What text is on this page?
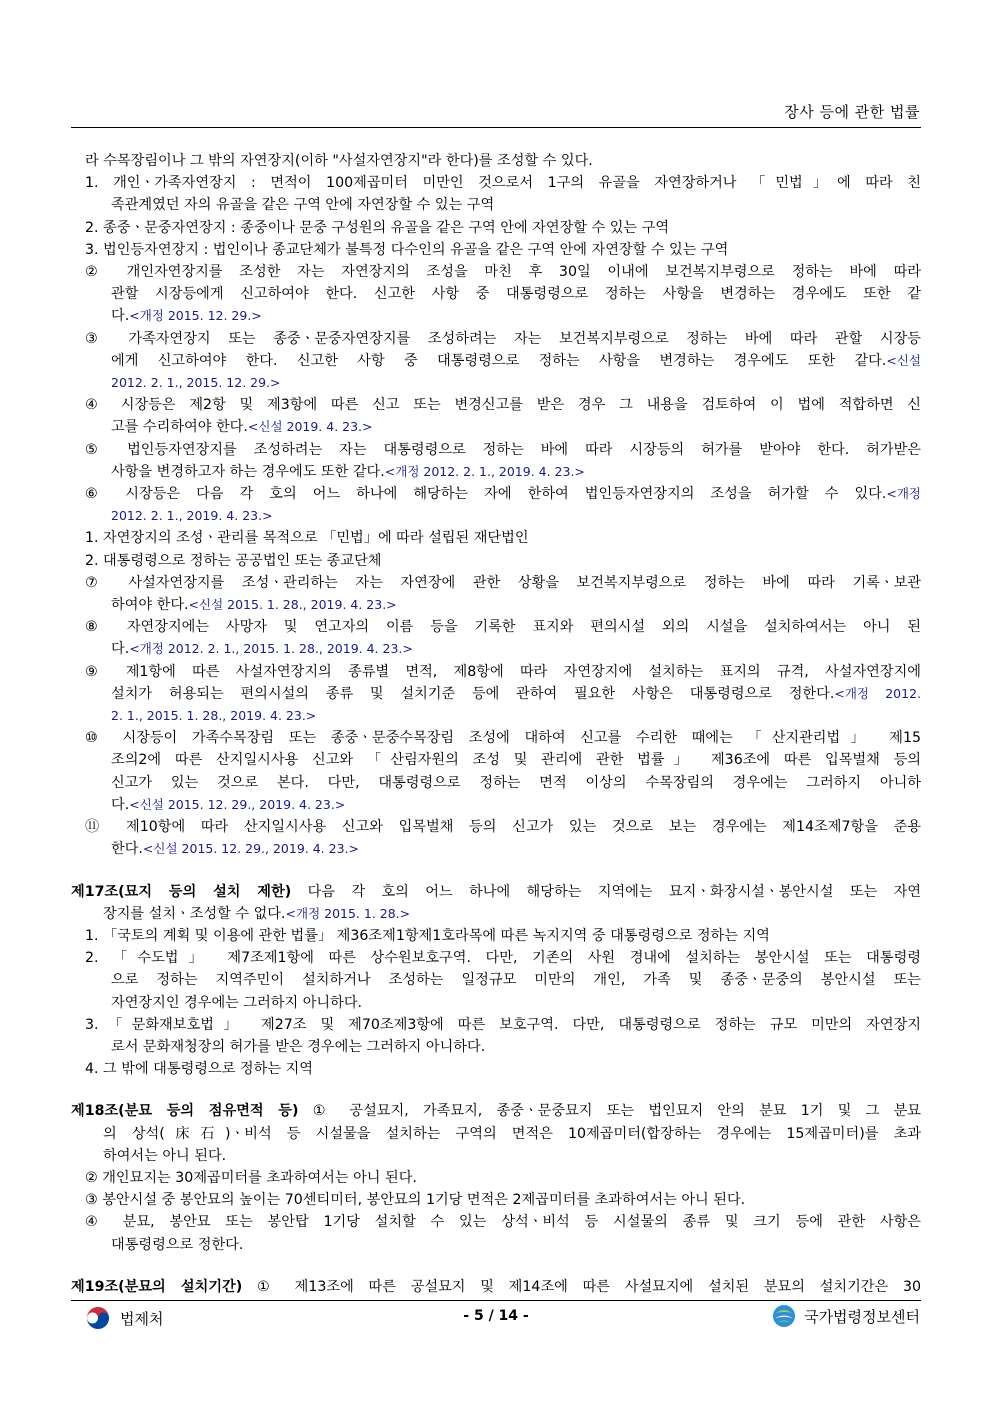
장사 등에 관한 법률
라 수목장림이나 그 밖의 자연장지(이하 "사설자연장지"라 한다)를 조성할 수 있다.
1. 개인ㆍ가족자연장지 : 면적이 100제곱미터 미만인 것으로서 1구의 유골을 자연장하거나 「민법」에 따라 친
족관계였던 자의 유골을 같은 구역 안에 자연장할 수 있는 구역
2. 종중ㆍ문중자연장지 : 종중이나 문중 구성원의 유골을 같은 구역 안에 자연장할 수 있는 구역
3. 법인등자연장지 : 법인이나 종교단체가 불특정 다수인의 유골을 같은 구역 안에 자연장할 수 있는 구역
② 개인자연장지를 조성한 자는 자연장지의 조성을 마친 후 30일 이내에 보건복지부령으로 정하는 바에 따라
관할 시장등에게 신고하여야 한다. 신고한 사항 중 대통령령으로 정하는 사항을 변경하는 경우에도 또한 같
다.<개정 2015. 12. 29.>
③ 가족자연장지 또는 종중ㆍ문중자연장지를 조성하려는 자는 보건복지부령으로 정하는 바에 따라 관할 시장등
에게 신고하여야 한다. 신고한 사항 중 대통령령으로 정하는 사항을 변경하는 경우에도 또한 같다.<신설
2012. 2. 1., 2015. 12. 29.>
④ 시장등은 제2항 및 제3항에 따른 신고 또는 변경신고를 받은 경우 그 내용을 검토하여 이 법에 적합하면 신
고를 수리하여야 한다.<신설 2019. 4. 23.>
⑤ 법인등자연장지를 조성하려는 자는 대통령령으로 정하는 바에 따라 시장등의 허가를 받아야 한다. 허가받은
사항을 변경하고자 하는 경우에도 또한 같다.<개정 2012. 2. 1., 2019. 4. 23.>
⑥ 시장등은 다음 각 호의 어느 하나에 해당하는 자에 한하여 법인등자연장지의 조성을 허가할 수 있다.<개정
2012. 2. 1., 2019. 4. 23.>
1. 자연장지의 조성ㆍ관리를 목적으로 「민법」에 따라 설립된 재단법인
2. 대통령령으로 정하는 공공법인 또는 종교단체
⑦ 사설자연장지를 조성ㆍ관리하는 자는 자연장에 관한 상황을 보건복지부령으로 정하는 바에 따라 기록ㆍ보관
하여야 한다.<신설 2015. 1. 28., 2019. 4. 23.>
⑧ 자연장지에는 사망자 및 연고자의 이름 등을 기록한 표지와 편의시설 외의 시설을 설치하여서는 아니 된
다.<개정 2012. 2. 1., 2015. 1. 28., 2019. 4. 23.>
⑨ 제1항에 따른 사설자연장지의 종류별 면적, 제8항에 따라 자연장지에 설치하는 표지의 규격, 사설자연장지에
설치가 허용되는 편의시설의 종류 및 설치기준 등에 관하여 필요한 사항은 대통령령으로 정한다.<개정 2012.
2. 1., 2015. 1. 28., 2019. 4. 23.>
⑩ 시장등이 가족수목장림 또는 종중ㆍ문중수목장림 조성에 대하여 신고를 수리한 때에는 「산지관리법」 제15
조의2에 따른 산지일시사용 신고와 「산림자원의 조성 및 관리에 관한 법률」 제36조에 따른 입목벌채 등의
신고가 있는 것으로 본다. 다만, 대통령령으로 정하는 면적 이상의 수목장림의 경우에는 그러하지 아니하
다.<신설 2015. 12. 29., 2019. 4. 23.>
⑪ 제10항에 따라 산지일시사용 신고와 입목벌채 등의 신고가 있는 것으로 보는 경우에는 제14조제7항을 준용
한다.<신설 2015. 12. 29., 2019. 4. 23.>
제17조(묘지 등의 설치 제한) 다음 각 호의 어느 하나에 해당하는 지역에는 묘지ㆍ화장시설ㆍ봉안시설 또는 자연
장지를 설치ㆍ조성할 수 없다.<개정 2015. 1. 28.>
1. 「국토의 계획 및 이용에 관한 법률」 제36조제1항제1호라목에 따른 녹지지역 중 대통령령으로 정하는 지역
2. 「수도법」 제7조제1항에 따른 상수원보호구역. 다만, 기존의 사원 경내에 설치하는 봉안시설 또는 대통령령
으로 정하는 지역주민이 설치하거나 조성하는 일정규모 미만의 개인, 가족 및 종중ㆍ문중의 봉안시설 또는
자연장지인 경우에는 그러하지 아니하다.
3.「문화재보호법」 제27조 및 제70조제3항에 따른 보호구역. 다만, 대통령령으로 정하는 규모 미만의 자연장지
로서 문화재청장의 허가를 받은 경우에는 그러하지 아니하다.
4. 그 밖에 대통령령으로 정하는 지역
제18조(분묘 등의 점유면적 등) ① 공설묘지, 가족묘지, 종중ㆍ문중묘지 또는 법인묘지 안의 분묘 1기 및 그 분묘
의 상석(床石)ㆍ비석 등 시설물을 설치하는 구역의 면적은 10제곱미터(합장하는 경우에는 15제곱미터)를 초과
하여서는 아니 된다.
② 개인묘지는 30제곱미터를 초과하여서는 아니 된다.
③ 봉안시설 중 봉안묘의 높이는 70센티미터, 봉안묘의 1기당 면적은 2제곱미터를 초과하여서는 아니 된다.
④ 분묘, 봉안묘 또는 봉안탑 1기당 설치할 수 있는 상석ㆍ비석 등 시설물의 종류 및 크기 등에 관한 사항은
대통령령으로 정한다.
제19조(분묘의 설치기간) ① 제13조에 따른 공설묘지 및 제14조에 따른 사설묘지에 설치된 분묘의 설치기간은 30
법제처	- 5 / 14 -	국가법령정보센터
